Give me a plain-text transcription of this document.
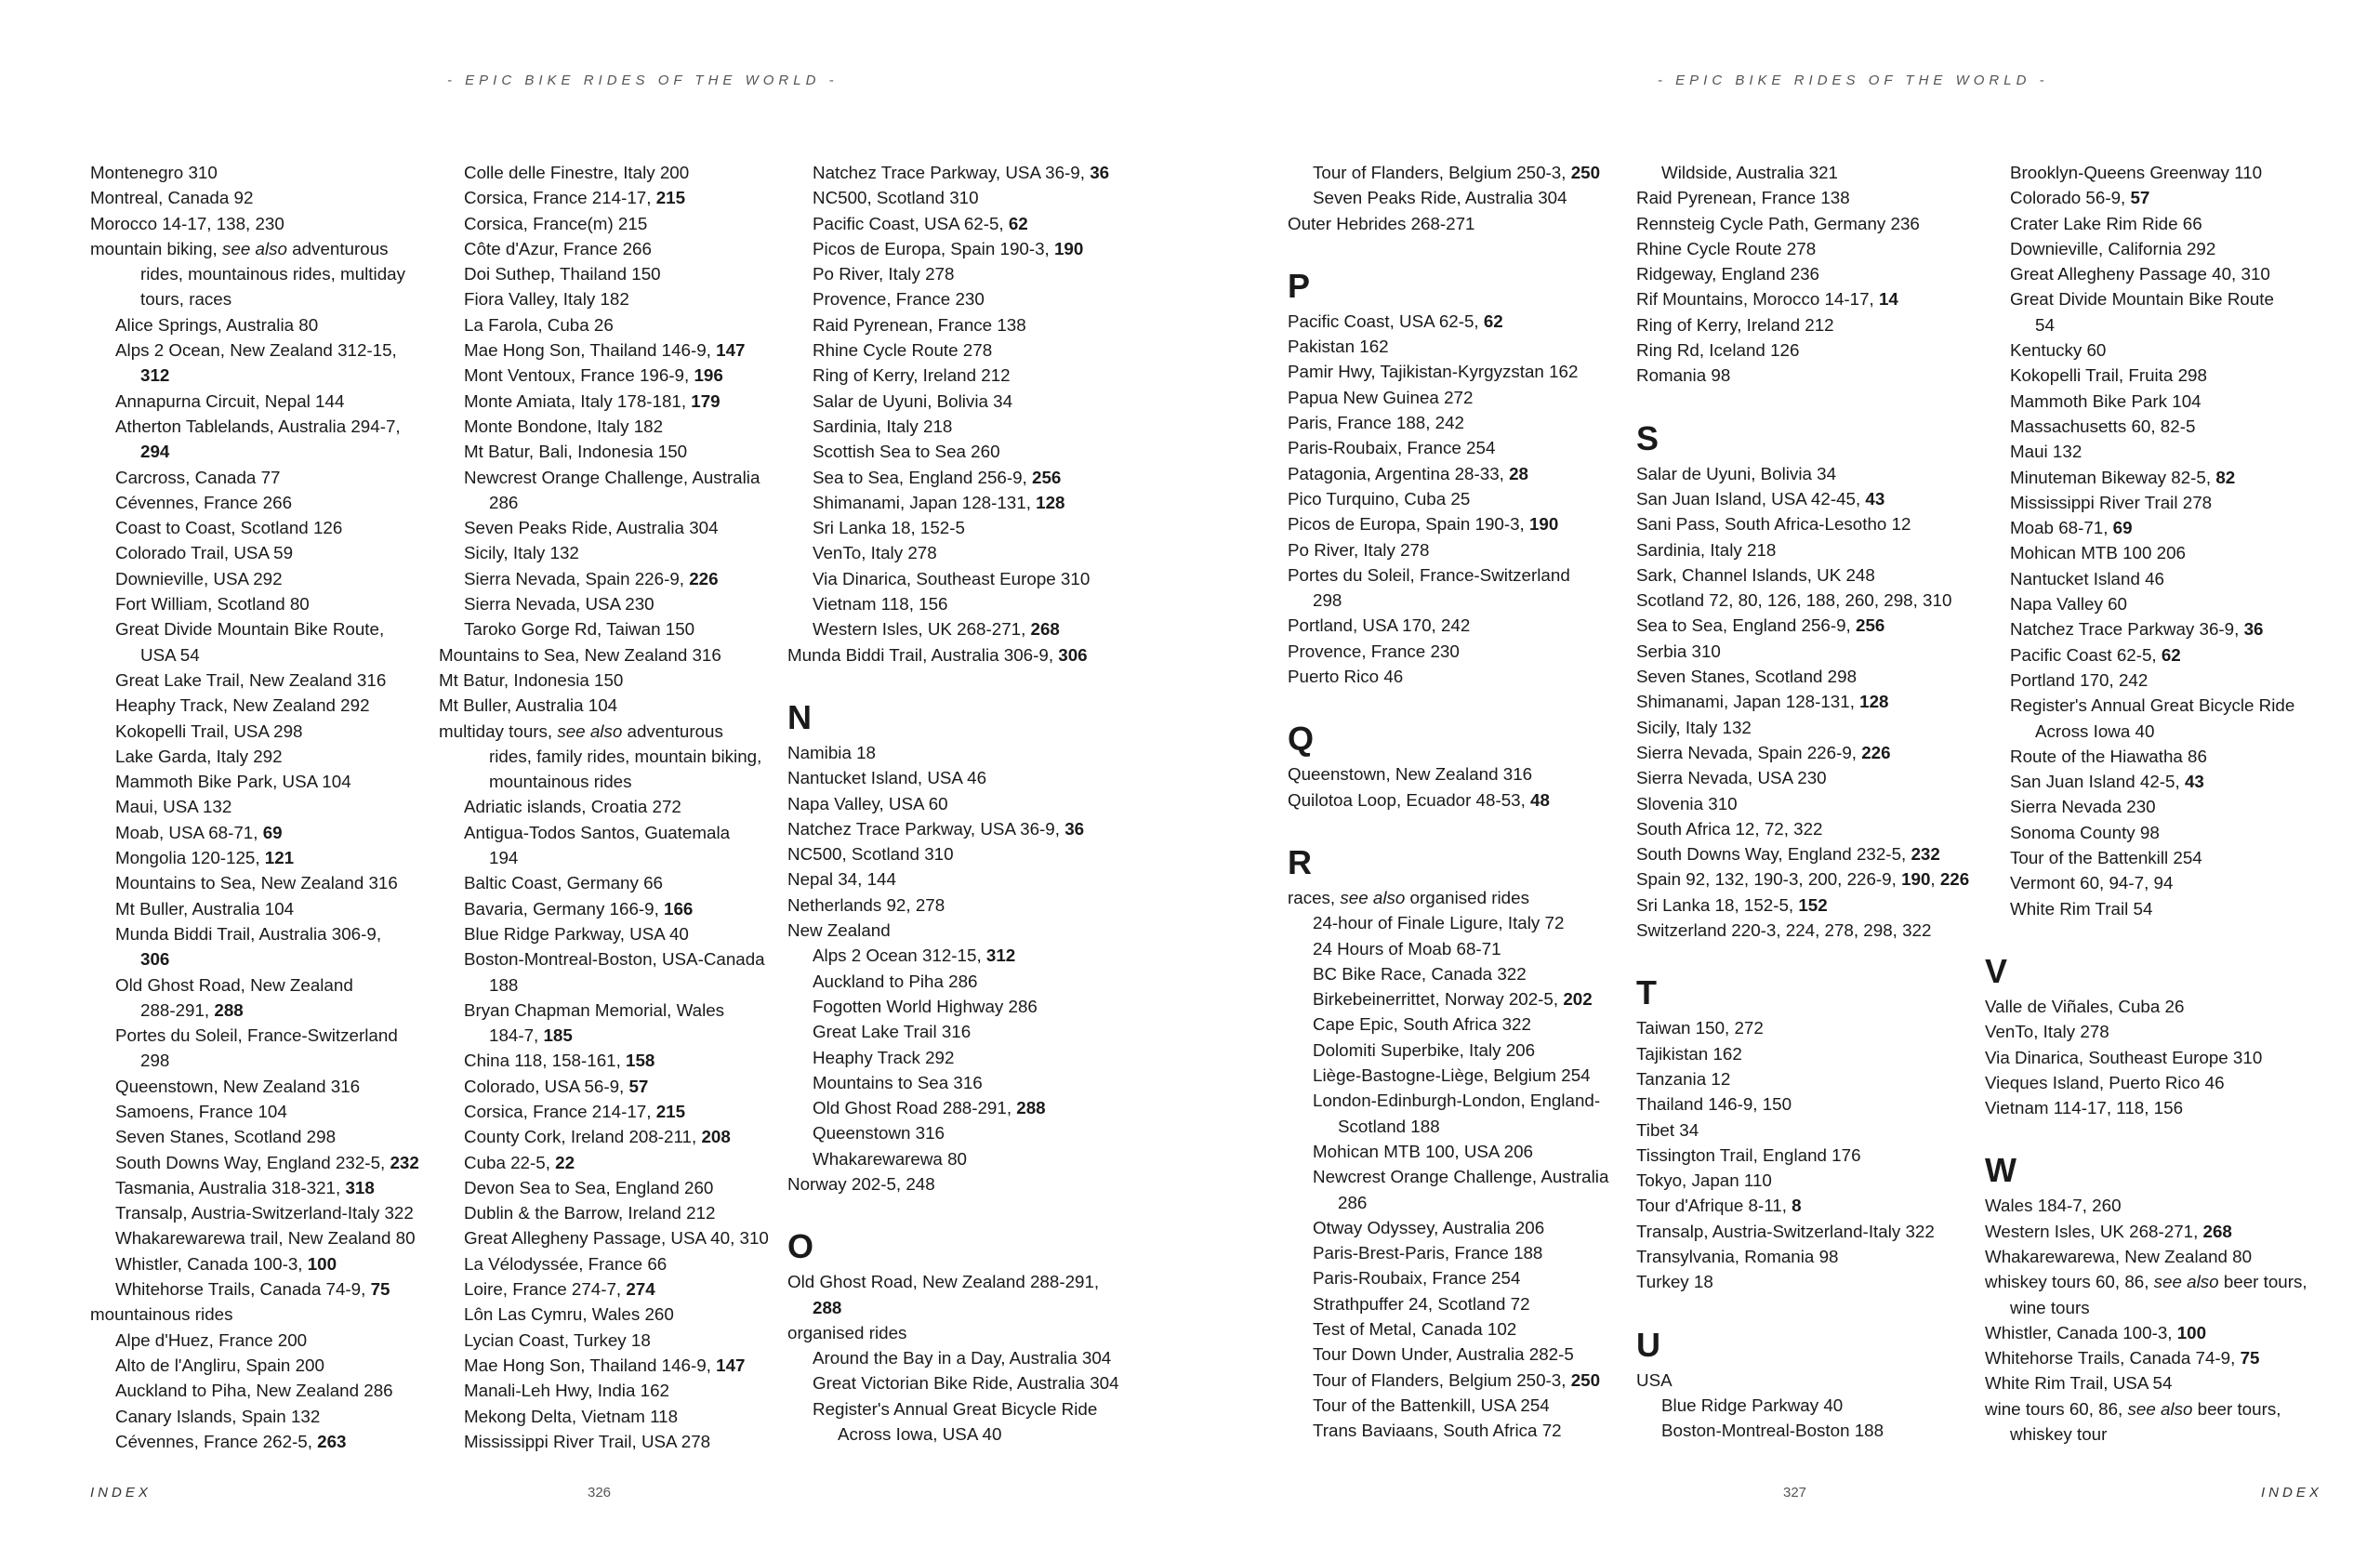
- EPIC BIKE RIDES OF THE WORLD -	- EPIC BIKE RIDES OF THE WORLD -
Montenegro 310
Montreal, Canada 92
Morocco 14-17, 138, 230
mountain biking, see also adventurous
rides, mountainous rides, multiday
tours, races
Alice Springs, Australia 80
Alps 2 Ocean, New Zealand 312-15,
312
Annapurna Circuit, Nepal 144
Atherton Tablelands, Australia 294-7,
294
Carcross, Canada 77
Cévennes, France 266
Coast to Coast, Scotland 126
Colorado Trail, USA 59
Downieville, USA 292
Fort William, Scotland 80
Great Divide Mountain Bike Route,
USA 54
Great Lake Trail, New Zealand 316
Heaphy Track, New Zealand 292
Kokopelli Trail, USA 298
Lake Garda, Italy 292
Mammoth Bike Park, USA 104
Maui, USA 132
Moab, USA 68-71, 69
Mongolia 120-125, 121
Mountains to Sea, New Zealand 316
Mt Buller, Australia 104
Munda Biddi Trail, Australia 306-9,
306
Old Ghost Road, New Zealand
288-291, 288
Portes du Soleil, France-Switzerland
298
Queenstown, New Zealand 316
Samoens, France 104
Seven Stanes, Scotland 298
South Downs Way, England 232-5, 232
Tasmania, Australia 318-321, 318
Transalp, Austria-Switzerland-Italy 322
Whakarewarewa trail, New Zealand 80
Whistler, Canada 100-3, 100
Whitehorse Trails, Canada 74-9, 75
mountainous rides
Alpe d'Huez, France 200
Alto de l'Angliru, Spain 200
Auckland to Piha, New Zealand 286
Canary Islands, Spain 132
Cévennes, France 262-5, 263
Colle delle Finestre, Italy 200
Corsica, France 214-17, 215
Corsica, France(m) 215
Côte d'Azur, France 266
Doi Suthep, Thailand 150
Fiora Valley, Italy 182
La Farola, Cuba 26
Mae Hong Son, Thailand 146-9, 147
Mont Ventoux, France 196-9, 196
Monte Amiata, Italy 178-181, 179
Monte Bondone, Italy 182
Mt Batur, Bali, Indonesia 150
Newcrest Orange Challenge, Australia
286
Seven Peaks Ride, Australia 304
Sicily, Italy 132
Sierra Nevada, Spain 226-9, 226
Sierra Nevada, USA 230
Taroko Gorge Rd, Taiwan 150
Mountains to Sea, New Zealand 316
Mt Batur, Indonesia 150
Mt Buller, Australia 104
multiday tours, see also adventurous
rides, family rides, mountain biking,
mountainous rides
Adriatic islands, Croatia 272
Antigua-Todos Santos, Guatemala
194
Baltic Coast, Germany 66
Bavaria, Germany 166-9, 166
Blue Ridge Parkway, USA 40
Boston-Montreal-Boston, USA-Canada
188
Bryan Chapman Memorial, Wales
184-7, 185
China 118, 158-161, 158
Colorado, USA 56-9, 57
Corsica, France 214-17, 215
County Cork, Ireland 208-211, 208
Cuba 22-5, 22
Devon Sea to Sea, England 260
Dublin & the Barrow, Ireland 212
Great Allegheny Passage, USA 40, 310
La Vélodyssée, France 66
Loire, France 274-7, 274
Lôn Las Cymru, Wales 260
Lycian Coast, Turkey 18
Mae Hong Son, Thailand 146-9, 147
Manali-Leh Hwy, India 162
Mekong Delta, Vietnam 118
Mississippi River Trail, USA 278
Natchez Trace Parkway, USA 36-9, 36
NC500, Scotland 310
Pacific Coast, USA 62-5, 62
Picos de Europa, Spain 190-3, 190
Po River, Italy 278
Provence, France 230
Raid Pyrenean, France 138
Rhine Cycle Route 278
Ring of Kerry, Ireland 212
Salar de Uyuni, Bolivia 34
Sardinia, Italy 218
Scottish Sea to Sea 260
Sea to Sea, England 256-9, 256
Shimanami, Japan 128-131, 128
Sri Lanka 18, 152-5
VenTo, Italy 278
Via Dinarica, Southeast Europe 310
Vietnam 118, 156
Western Isles, UK 268-271, 268
Munda Biddi Trail, Australia 306-9, 306
N
Namibia 18
Nantucket Island, USA 46
Napa Valley, USA 60
Natchez Trace Parkway, USA 36-9, 36
NC500, Scotland 310
Nepal 34, 144
Netherlands 92, 278
New Zealand
Alps 2 Ocean 312-15, 312
Auckland to Piha 286
Fogotten World Highway 286
Great Lake Trail 316
Heaphy Track 292
Mountains to Sea 316
Old Ghost Road 288-291, 288
Queenstown 316
Whakarewarewa 80
Norway 202-5, 248
O
Old Ghost Road, New Zealand 288-291,
288
organised rides
Around the Bay in a Day, Australia 304
Great Victorian Bike Ride, Australia 304
Register's Annual Great Bicycle Ride
Across Iowa, USA 40
Tour of Flanders, Belgium 250-3, 250
Seven Peaks Ride, Australia 304
Outer Hebrides 268-271
P
Pacific Coast, USA 62-5, 62
Pakistan 162
Pamir Hwy, Tajikistan-Kyrgyzstan 162
Papua New Guinea 272
Paris, France 188, 242
Paris-Roubaix, France 254
Patagonia, Argentina 28-33, 28
Pico Turquino, Cuba 25
Picos de Europa, Spain 190-3, 190
Po River, Italy 278
Portes du Soleil, France-Switzerland
298
Portland, USA 170, 242
Provence, France 230
Puerto Rico 46
Q
Queenstown, New Zealand 316
Quilotoa Loop, Ecuador 48-53, 48
R
races, see also organised rides
24-hour of Finale Ligure, Italy 72
24 Hours of Moab 68-71
BC Bike Race, Canada 322
Birkebeinerrittet, Norway 202-5, 202
Cape Epic, South Africa 322
Dolomiti Superbike, Italy 206
Liège-Bastogne-Liège, Belgium 254
London-Edinburgh-London, England-
Scotland 188
Mohican MTB 100, USA 206
Newcrest Orange Challenge, Australia
286
Otway Odyssey, Australia 206
Paris-Brest-Paris, France 188
Paris-Roubaix, France 254
Strathpuffer 24, Scotland 72
Test of Metal, Canada 102
Tour Down Under, Australia 282-5
Tour of Flanders, Belgium 250-3, 250
Tour of the Battenkill, USA 254
Trans Baviaans, South Africa 72
Wildside, Australia 321
Raid Pyrenean, France 138
Rennsteig Cycle Path, Germany 236
Rhine Cycle Route 278
Ridgeway, England 236
Rif Mountains, Morocco 14-17, 14
Ring of Kerry, Ireland 212
Ring Rd, Iceland 126
Romania 98
S
Salar de Uyuni, Bolivia 34
San Juan Island, USA 42-45, 43
Sani Pass, South Africa-Lesotho 12
Sardinia, Italy 218
Sark, Channel Islands, UK 248
Scotland 72, 80, 126, 188, 260, 298, 310
Sea to Sea, England 256-9, 256
Serbia 310
Seven Stanes, Scotland 298
Shimanami, Japan 128-131, 128
Sicily, Italy 132
Sierra Nevada, Spain 226-9, 226
Sierra Nevada, USA 230
Slovenia 310
South Africa 12, 72, 322
South Downs Way, England 232-5, 232
Spain 92, 132, 190-3, 200, 226-9, 190, 226
Sri Lanka 18, 152-5, 152
Switzerland 220-3, 224, 278, 298, 322
T
Taiwan 150, 272
Tajikistan 162
Tanzania 12
Thailand 146-9, 150
Tibet 34
Tissington Trail, England 176
Tokyo, Japan 110
Tour d'Afrique 8-11, 8
Transalp, Austria-Switzerland-Italy 322
Transylvania, Romania 98
Turkey 18
U
USA
Blue Ridge Parkway 40
Boston-Montreal-Boston 188
Brooklyn-Queens Greenway 110
Colorado 56-9, 57
Crater Lake Rim Ride 66
Downieville, California 292
Great Allegheny Passage 40, 310
Great Divide Mountain Bike Route
54
Kentucky 60
Kokopelli Trail, Fruita 298
Mammoth Bike Park 104
Massachusetts 60, 82-5
Maui 132
Minuteman Bikeway 82-5, 82
Mississippi River Trail 278
Moab 68-71, 69
Mohican MTB 100 206
Nantucket Island 46
Napa Valley 60
Natchez Trace Parkway 36-9, 36
Pacific Coast 62-5, 62
Portland 170, 242
Register's Annual Great Bicycle Ride
Across Iowa 40
Route of the Hiawatha 86
San Juan Island 42-5, 43
Sierra Nevada 230
Sonoma County 98
Tour of the Battenkill 254
Vermont 60, 94-7, 94
White Rim Trail 54
V
Valle de Viñales, Cuba 26
VenTo, Italy 278
Via Dinarica, Southeast Europe 310
Vieques Island, Puerto Rico 46
Vietnam 114-17, 118, 156
W
Wales 184-7, 260
Western Isles, UK 268-271, 268
Whakarewarewa, New Zealand 80
whiskey tours 60, 86, see also beer tours,
wine tours
Whistler, Canada 100-3, 100
Whitehorse Trails, Canada 74-9, 75
White Rim Trail, USA 54
wine tours 60, 86, see also beer tours,
whiskey tour
INDEX	326	327	INDEX
